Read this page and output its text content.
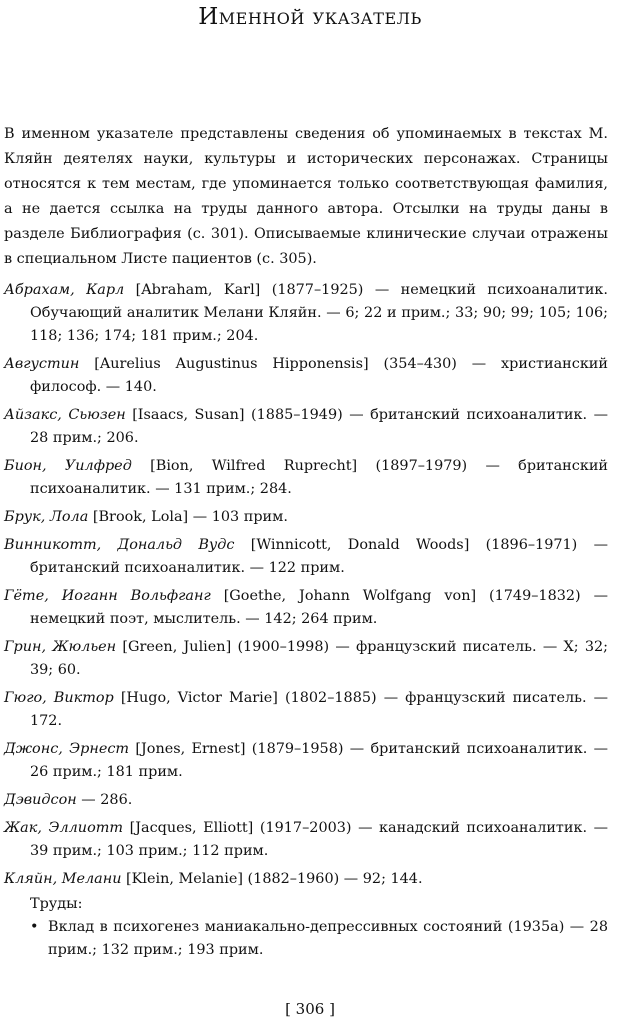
Именной указатель
В именном указателе представлены сведения об упоминаемых в текстах М. Кляйн деятелях науки, культуры и исторических персонажах. Страницы относятся к тем местам, где упоминается только соответствующая фамилия, а не дается ссылка на труды данного автора. Отсылки на труды даны в разделе Библиография (с. 301). Описываемые клинические случаи отражены в специальном Листе пациентов (с. 305).
Абрахам, Карл [Abraham, Karl] (1877–1925) — немецкий психоаналитик. Обучающий аналитик Мелани Кляйн. — 6; 22 и прим.; 33; 90; 99; 105; 106; 118; 136; 174; 181 прим.; 204.
Августин [Aurelius Augustinus Hipponensis] (354–430) — христианский философ. — 140.
Айзакс, Сьюзен [Isaacs, Susan] (1885–1949) — британский психоаналитик. — 28 прим.; 206.
Бион, Уилфред [Bion, Wilfred Ruprecht] (1897–1979) — британский психоаналитик. — 131 прим.; 284.
Брук, Лола [Brook, Lola] — 103 прим.
Винникотт, Дональд Вудс [Winnicott, Donald Woods] (1896–1971) — британский психоаналитик. — 122 прим.
Гёте, Иоганн Вольфганг [Goethe, Johann Wolfgang von] (1749–1832) — немецкий поэт, мыслитель. — 142; 264 прим.
Грин, Жюльен [Green, Julien] (1900–1998) — французский писатель. — X; 32; 39; 60.
Гюго, Виктор [Hugo, Victor Marie] (1802–1885) — французский писатель. — 172.
Джонс, Эрнест [Jones, Ernest] (1879–1958) — британский психоаналитик. — 26 прим.; 181 прим.
Дэвидсон — 286.
Жак, Эллиотт [Jacques, Elliott] (1917–2003) — канадский психоаналитик. — 39 прим.; 103 прим.; 112 прим.
Кляйн, Мелани [Klein, Melanie] (1882–1960) — 92; 144.
Труды:
• Вклад в психогенез маниакально-депрессивных состояний (1935а) — 28 прим.; 132 прим.; 193 прим.
[ 306 ]
